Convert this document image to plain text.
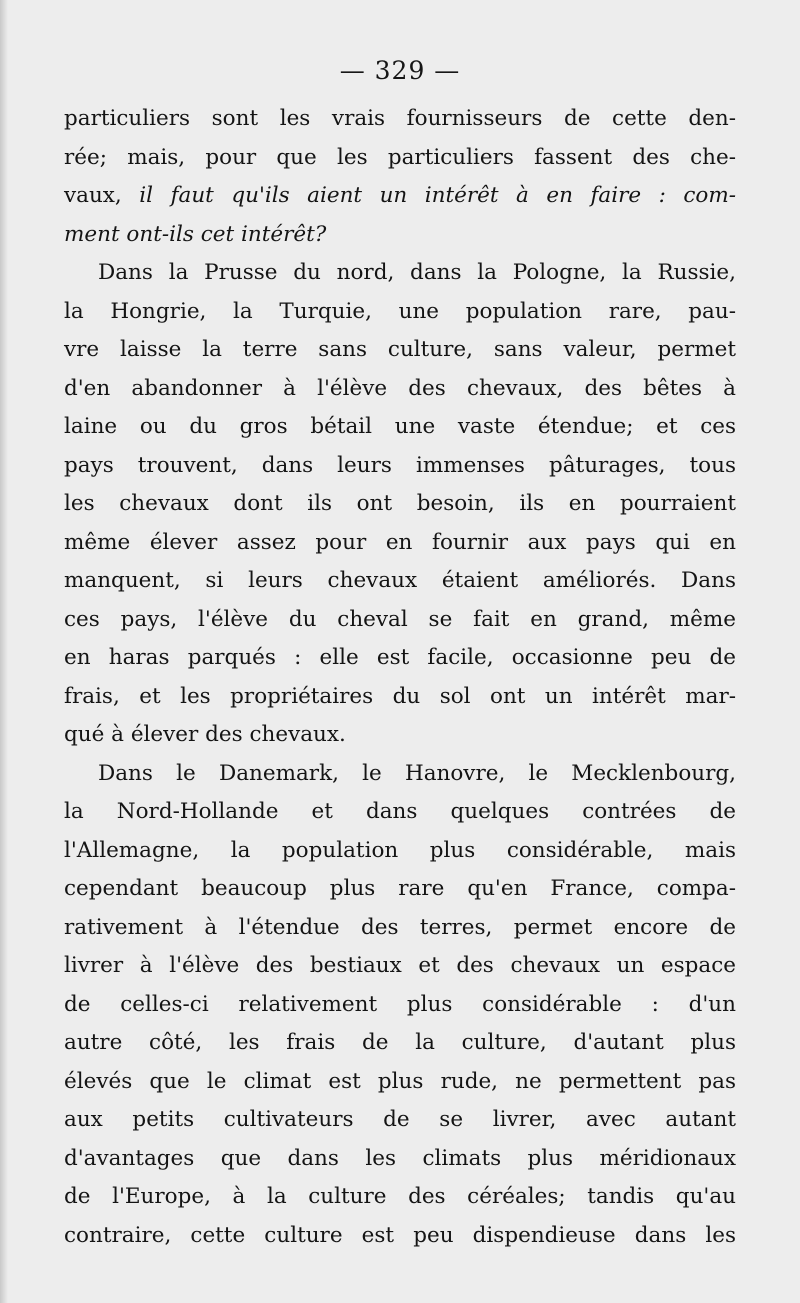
— 329 —
particuliers sont les vrais fournisseurs de cette den-
rée; mais, pour que les particuliers fassent des che-
vaux, il faut qu'ils aient un intérêt à en faire : com-
ment ont-ils cet intérêt?
Dans la Prusse du nord, dans la Pologne, la Russie,
la Hongrie, la Turquie, une population rare, pau-
vre laisse la terre sans culture, sans valeur, permet
d'en abandonner à l'élève des chevaux, des bêtes à
laine ou du gros bétail une vaste étendue; et ces
pays trouvent, dans leurs immenses pâturages, tous
les chevaux dont ils ont besoin, ils en pourraient
même élever assez pour en fournir aux pays qui en
manquent, si leurs chevaux étaient améliorés. Dans
ces pays, l'élève du cheval se fait en grand, même
en haras parqués : elle est facile, occasionne peu de
frais, et les propriétaires du sol ont un intérêt mar-
qué à élever des chevaux.
Dans le Danemark, le Hanovre, le Mecklenbourg,
la Nord-Hollande et dans quelques contrées de
l'Allemagne, la population plus considérable, mais
cependant beaucoup plus rare qu'en France, compa-
rativement à l'étendue des terres, permet encore de
livrer à l'élève des bestiaux et des chevaux un espace
de celles-ci relativement plus considérable : d'un
autre côté, les frais de la culture, d'autant plus
élevés que le climat est plus rude, ne permettent pas
aux petits cultivateurs de se livrer, avec autant
d'avantages que dans les climats plus méridionaux
de l'Europe, à la culture des céréales; tandis qu'au
contraire, cette culture est peu dispendieuse dans les
